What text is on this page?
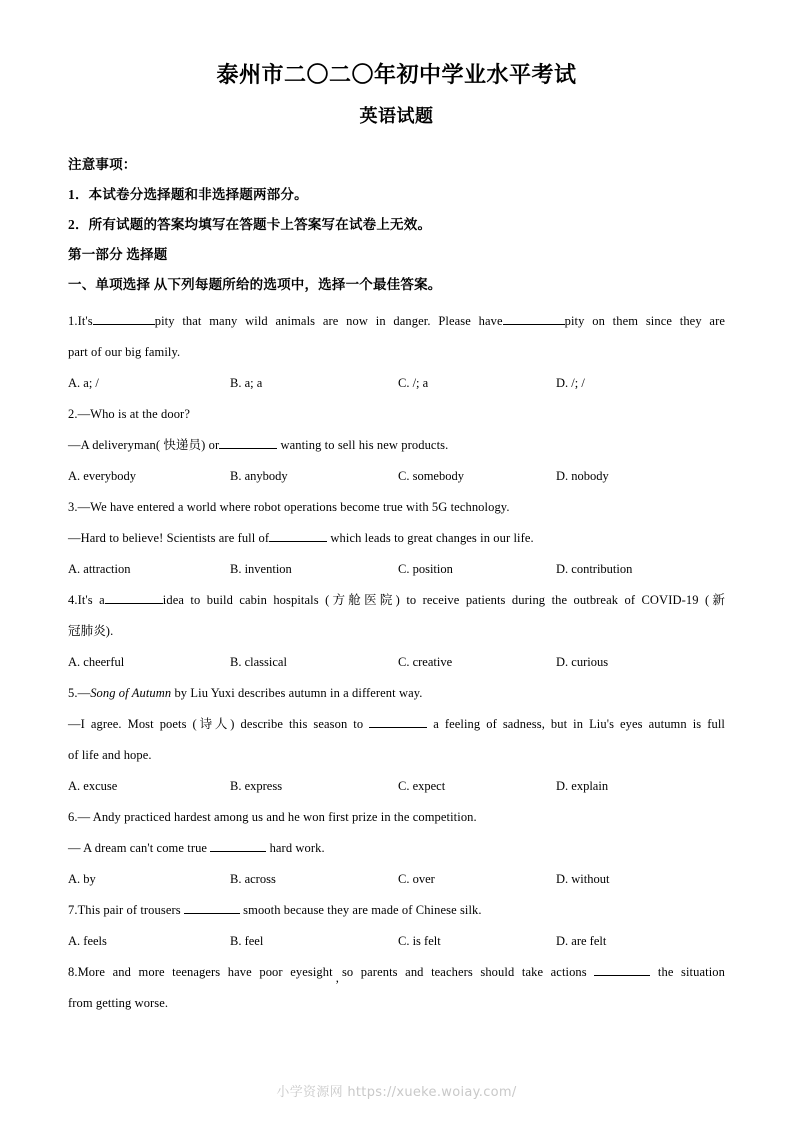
泰州市二〇二〇年初中学业水平考试
英语试题
注意事项：
1．本试卷分选择题和非选择题两部分。
2．所有试题的答案均填写在答题卡上答案写在试卷上无效。
第一部分 选择题
一、单项选择 从下列每题所给的选项中，选择一个最佳答案。
1.It's	pity that many wild animals are now in danger. Please have	pity on them since they are
part of our big family.
A. a; /	B. a; a	C. /; a	D. /; /
2.—Who is at the door?
—A deliveryman( 快递员) or	wanting to sell his new products.
A. everybody	B. anybody	C. somebody	D. nobody
3.—We have entered a world where robot operations become true with 5G technology.
—Hard to believe! Scientists are full of	which leads to great changes in our life.
A. attraction	B. invention	C. position	D. contribution
4.It's a	idea to build cabin hospitals (方舱医院) to receive patients during the outbreak of COVID-19 (新
冠肺炎).
A. cheerful	B. classical	C. creative	D. curious
5.—Song of Autumn by Liu Yuxi describes autumn in a different way.
—I agree. Most poets (诗人) describe this season to	a feeling of sadness, but in Liu's eyes autumn is full
of life and hope.
A. excuse	B. express	C. expect	D. explain
6.— Andy practiced hardest among us and he won first prize in the competition.
— A dream can't come true	hard work.
A. by	B. across	C. over	D. without
7.This pair of trousers	smooth because they are made of Chinese silk.
A. feels	B. feel	C. is felt	D. are felt
8.More and more teenagers have poor eyesight , so parents and teachers should take actions	the situation
from getting worse.
小学资源网 https://xueke.woiay.com/
